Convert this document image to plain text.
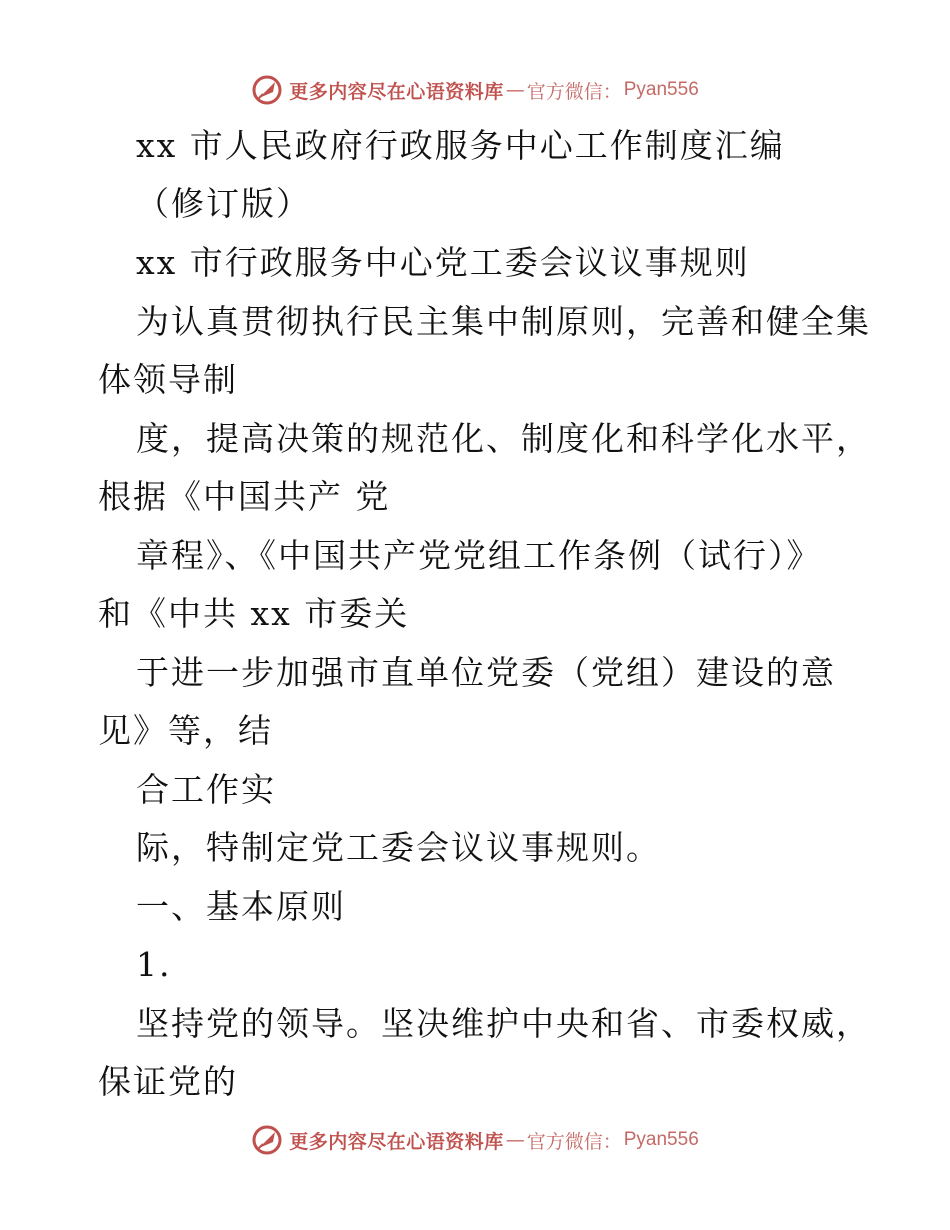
更多内容尽在心语资料库 — 官方微信： Pyan556
xx 市人民政府行政服务中心工作制度汇编
（修订版）
xx 市行政服务中心党工委会议议事规则
为认真贯彻执行民主集中制原则，完善和健全集
体领导制
度，提高决策的规范化、制度化和科学化水平，
根据《中国共产 党
章程》、《中国共产党党组工作条例（试行）》
和《中共 xx 市委关
于进一步加强市直单位党委（党组）建设的意
见》等，结
合工作实
际，特制定党工委会议议事规则。
一、基本原则
1.
坚持党的领导。坚决维护中央和省、市委权威，
保证党的
更多内容尽在心语资料库 — 官方微信： Pyan556
